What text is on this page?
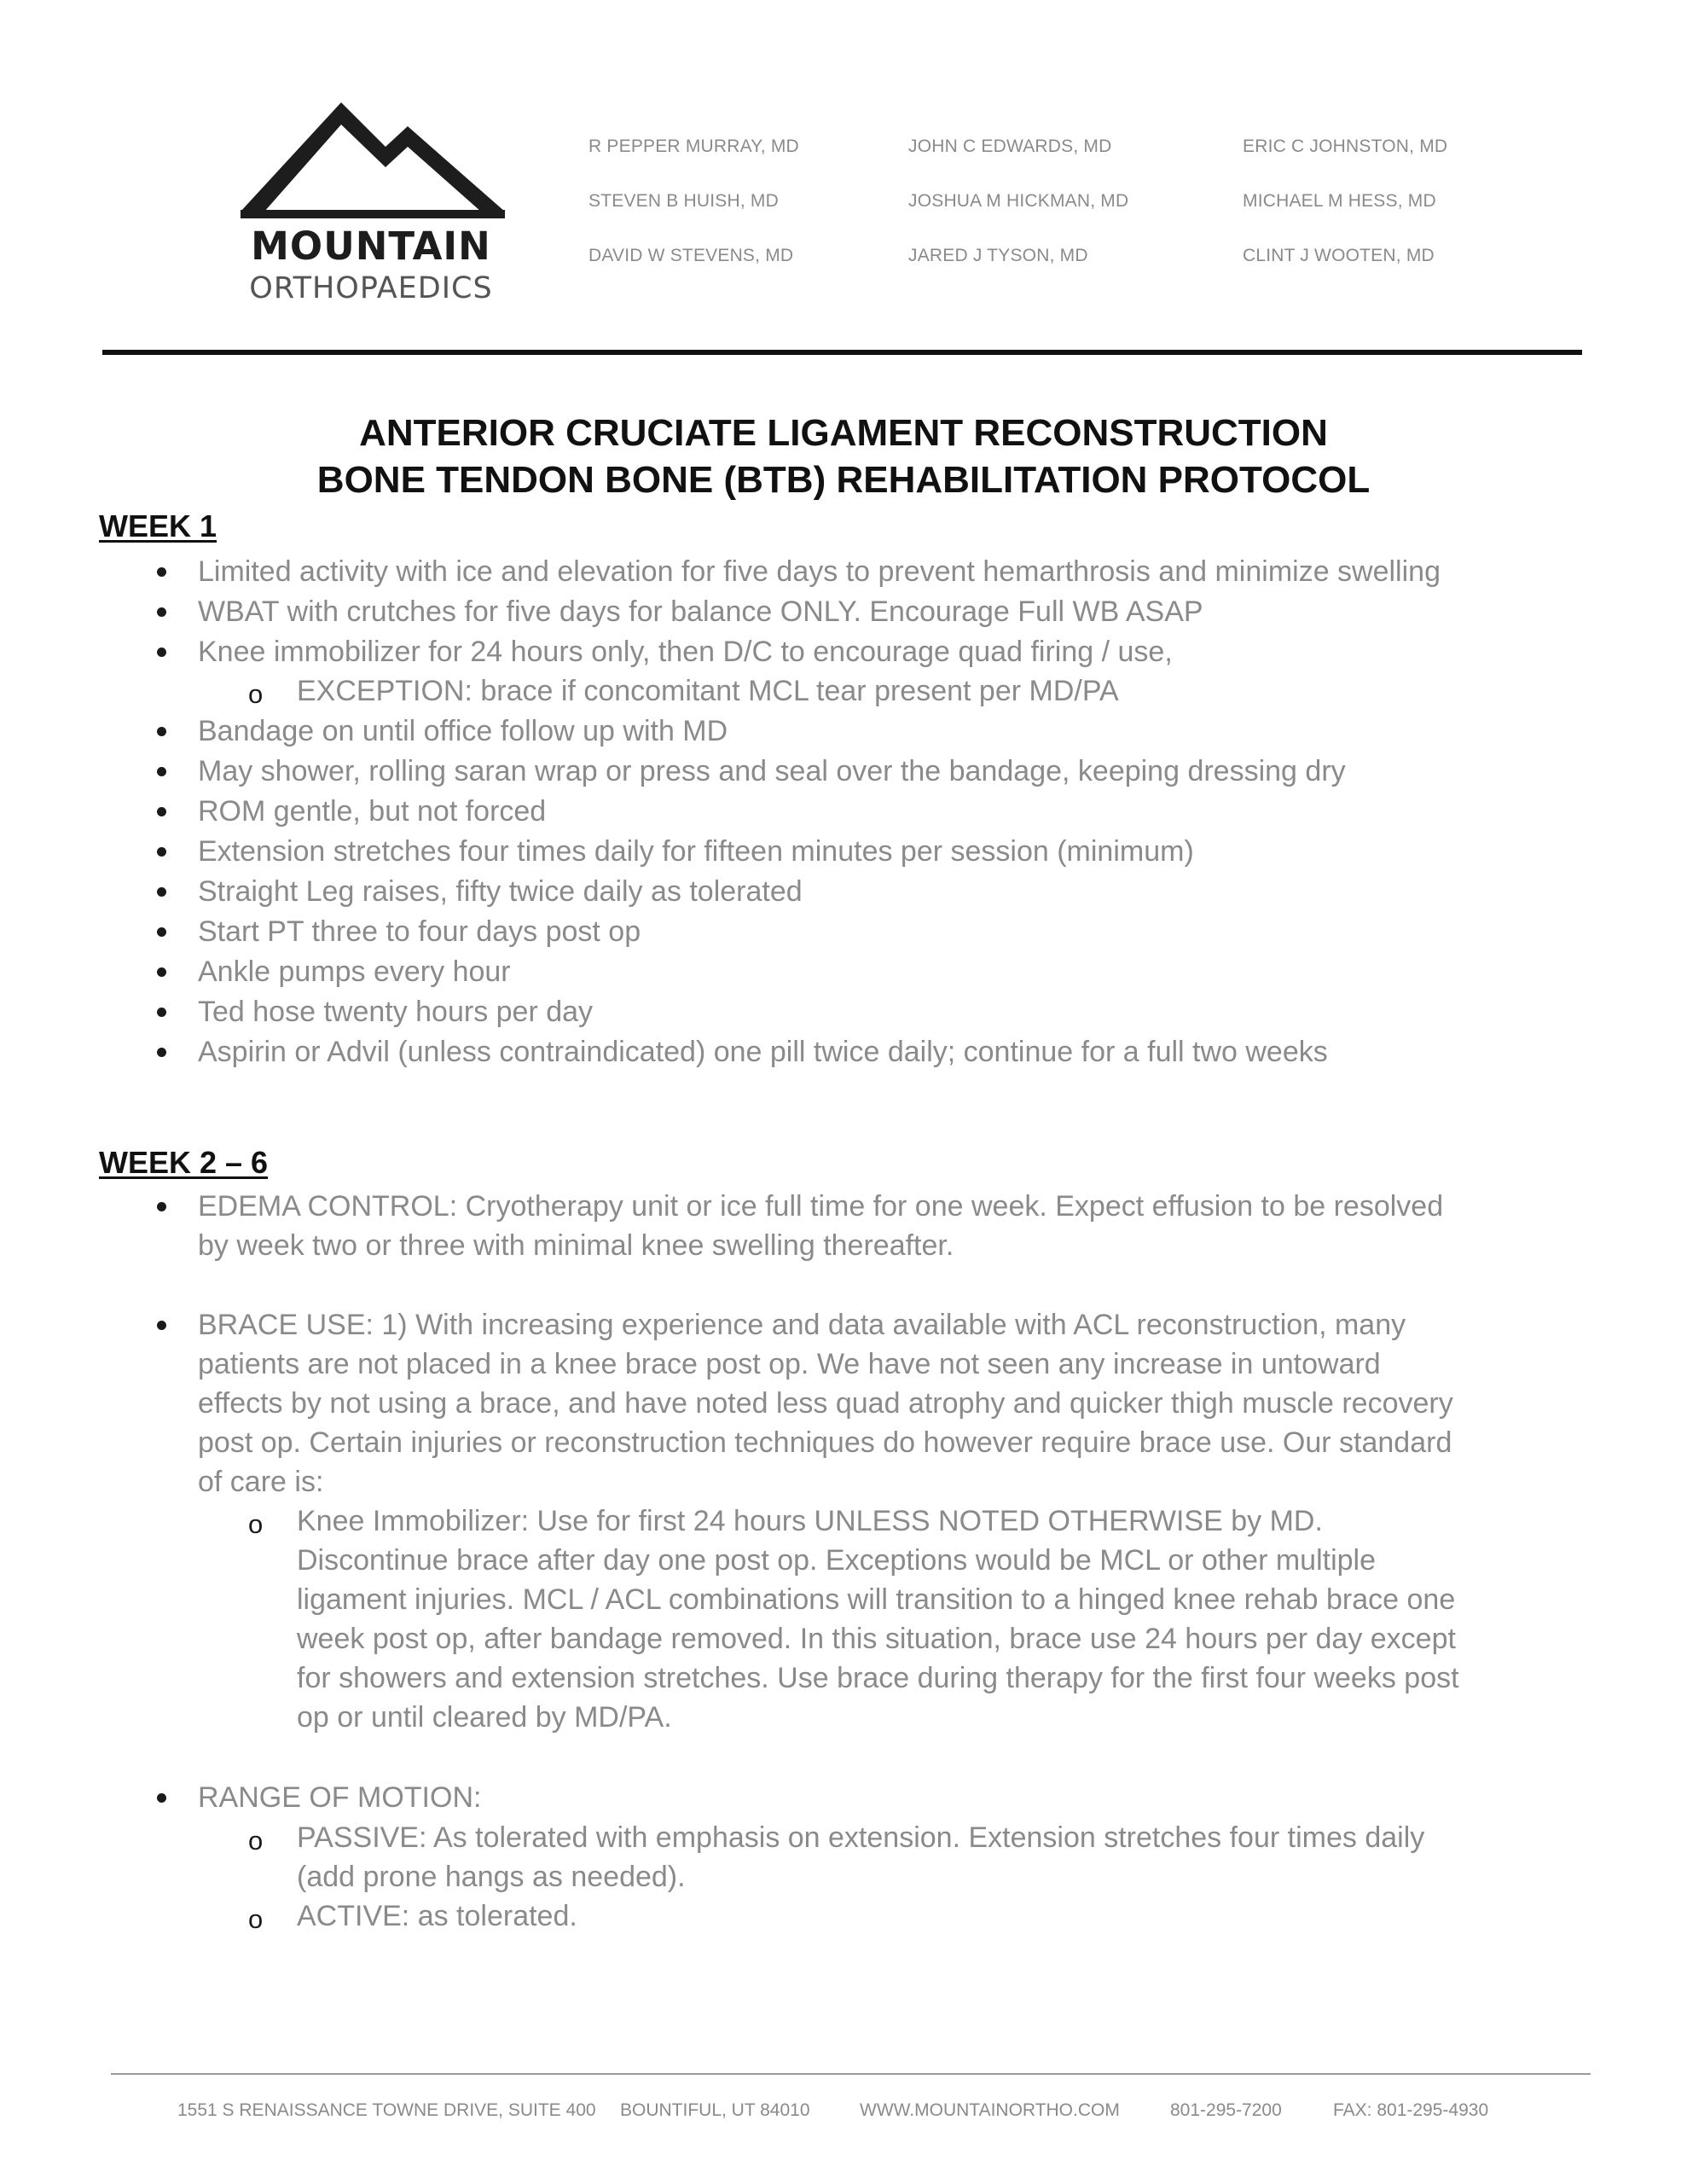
MOUNTAIN
ORTHOPAEDICS
R PEPPER MURRAY, MD	JOHN C EDWARDS, MD	ERIC C JOHNSTON, MD
STEVEN B HUISH, MD	JOSHUA M HICKMAN, MD	MICHAEL M HESS, MD
DAVID W STEVENS, MD	JARED J TYSON, MD	CLINT J WOOTEN, MD
ANTERIOR CRUCIATE LIGAMENT RECONSTRUCTION
BONE TENDON BONE (BTB) REHABILITATION PROTOCOL
WEEK 1
Limited activity with ice and elevation for five days to prevent hemarthrosis and minimize swelling
WBAT with crutches for five days for balance ONLY. Encourage Full WB ASAP
Knee immobilizer for 24 hours only, then D/C to encourage quad firing / use,
o EXCEPTION: brace if concomitant MCL tear present per MD/PA
Bandage on until office follow up with MD
May shower, rolling saran wrap or press and seal over the bandage, keeping dressing dry
ROM gentle, but not forced
Extension stretches four times daily for fifteen minutes per session (minimum)
Straight Leg raises, fifty twice daily as tolerated
Start PT three to four days post op
Ankle pumps every hour
Ted hose twenty hours per day
Aspirin or Advil (unless contraindicated) one pill twice daily; continue for a full two weeks
WEEK 2 – 6
EDEMA CONTROL: Cryotherapy unit or ice full time for one week. Expect effusion to be resolved
by week two or three with minimal knee swelling thereafter.
BRACE USE: 1) With increasing experience and data available with ACL reconstruction, many
patients are not placed in a knee brace post op. We have not seen any increase in untoward
effects by not using a brace, and have noted less quad atrophy and quicker thigh muscle recovery
post op. Certain injuries or reconstruction techniques do however require brace use. Our standard
of care is:
o Knee Immobilizer: Use for first 24 hours UNLESS NOTED OTHERWISE by MD.
Discontinue brace after day one post op. Exceptions would be MCL or other multiple
ligament injuries. MCL / ACL combinations will transition to a hinged knee rehab brace one
week post op, after bandage removed. In this situation, brace use 24 hours per day except
for showers and extension stretches. Use brace during therapy for the first four weeks post
op or until cleared by MD/PA.
RANGE OF MOTION:
o PASSIVE: As tolerated with emphasis on extension. Extension stretches four times daily
(add prone hangs as needed).
o ACTIVE: as tolerated.
1551 S RENAISSANCE TOWNE DRIVE, SUITE 400 BOUNTIFUL, UT 84010	WWW.MOUNTAINORTHO.COM	801-295-7200	FAX: 801-295-4930
